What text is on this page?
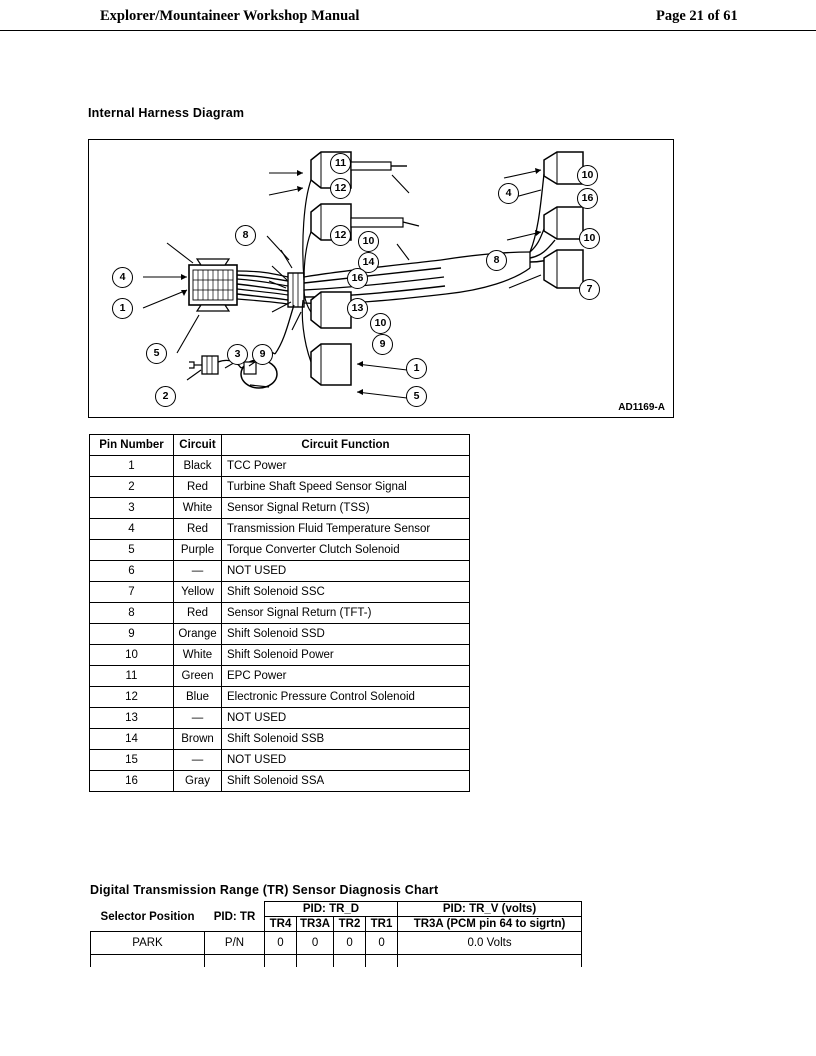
Explorer/Mountaineer Workshop Manual	Page 21 of 61
Internal Harness Diagram
11
12	4
10
16
10
8	12	10
14	8
4	16
7
1	13
10
9
5	3	9
2
1
5
AD1169-A
Pin Number	Circuit	Circuit Function
1	Black	TCC Power
2	Red	Turbine Shaft Speed Sensor Signal
3	White	Sensor Signal Return (TSS)
4	Red	Transmission Fluid Temperature Sensor
5	Purple	Torque Converter Clutch Solenoid
6	—	NOT USED
7	Yellow	Shift Solenoid SSC
8	Red	Sensor Signal Return (TFT-)
9	Orange	Shift Solenoid SSD
10	White	Shift Solenoid Power
11	Green	EPC Power
12	Blue	Electronic Pressure Control Solenoid
13	—	NOT USED
14	Brown	Shift Solenoid SSB
15	—	NOT USED
16	Gray	Shift Solenoid SSA
Digital Transmission Range (TR) Sensor Diagnosis Chart
Selector Position	PID: TR	PID: TR_D				PID: TR_V (volts)
		TR4	TR3A	TR2	TR1	TR3A (PCM pin 64 to sigrtn)
PARK	P/N	0	0	0	0	0.0 Volts
